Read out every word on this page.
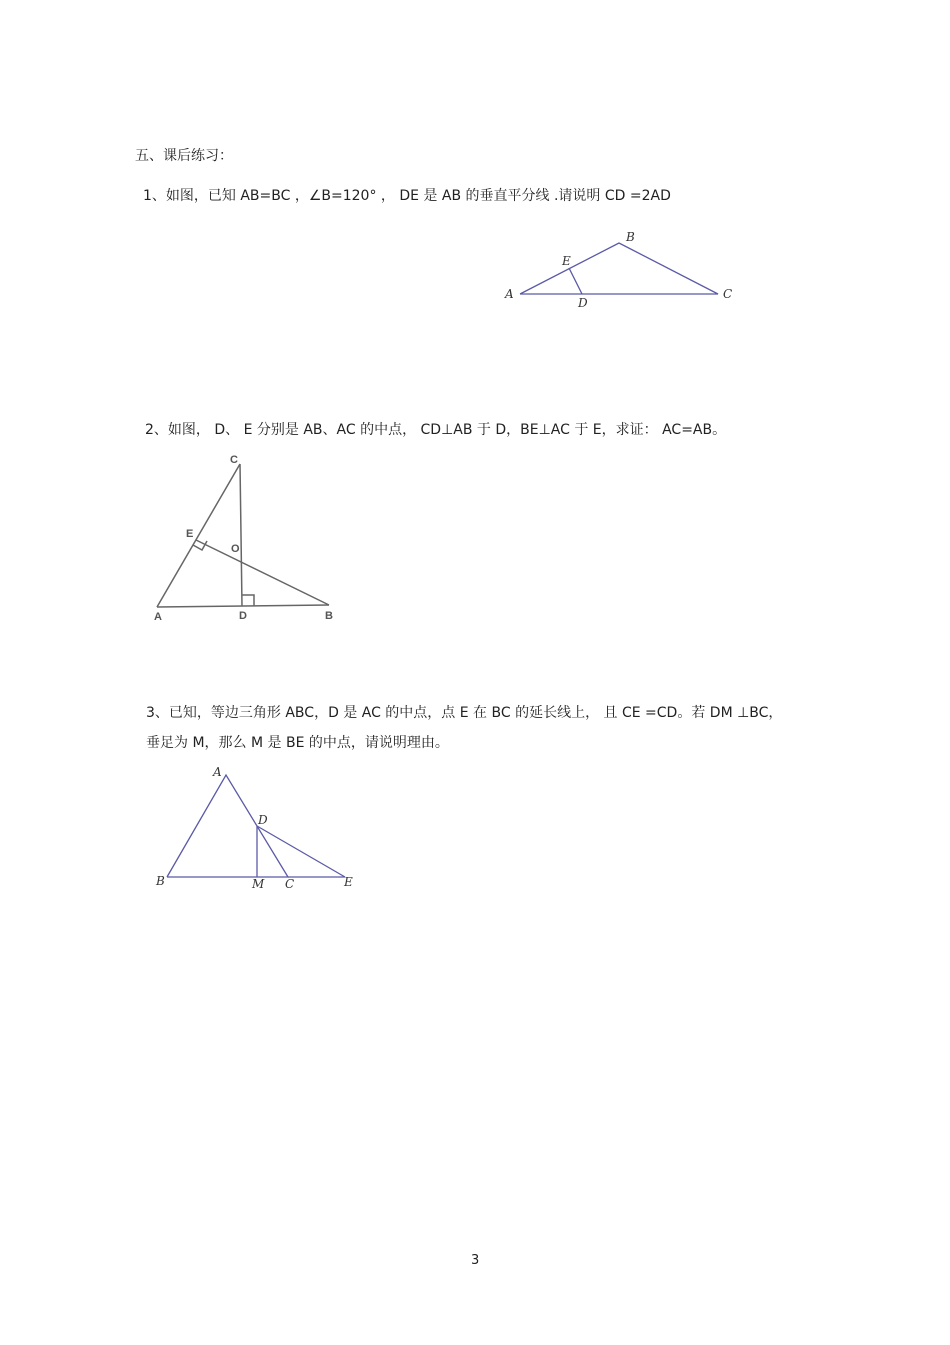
五、课后练习：
1、如图，已知 AB=BC ，∠B=120° ， DE 是 AB 的垂直平分线 .请说明 CD =2AD
A
B
C
D
E
2、如图， D、 E 分别是 AB、AC 的中点， CD⊥AB 于 D，BE⊥AC 于 E，求证： AC=AB。
C
E
O
A	D	B
3、已知，等边三角形 ABC，D 是 AC 的中点，点 E 在 BC 的延长线上， 且 CE =CD。若 DM ⊥BC，
垂足为 M，那么 M 是 BE 的中点，请说明理由。
A
D
B	M C	E
3
